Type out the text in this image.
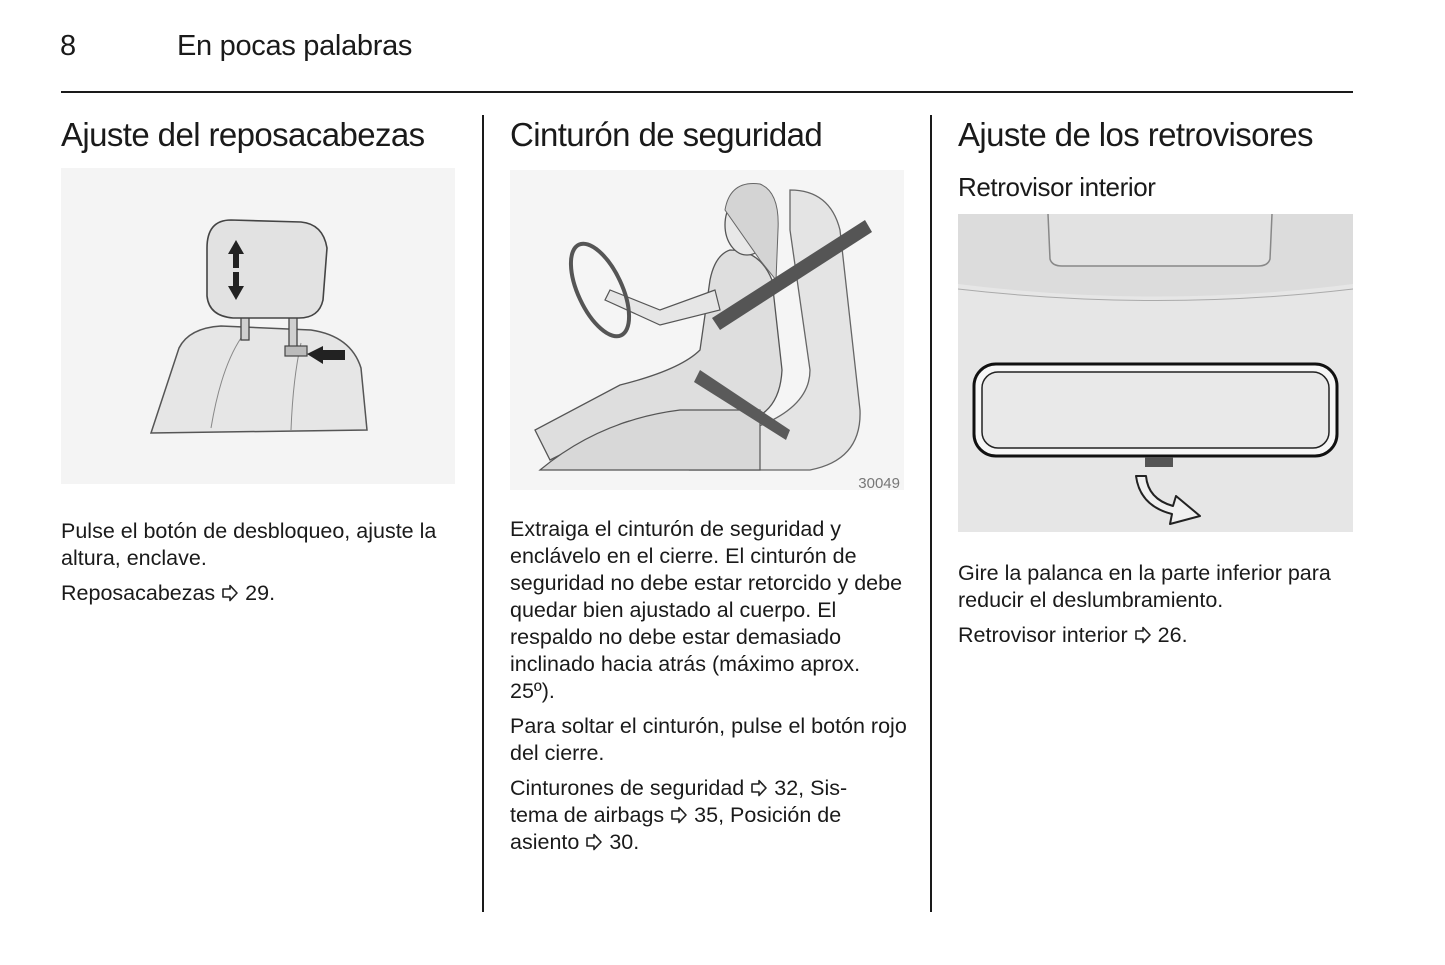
8	En pocas palabras
Ajuste del reposacabezas

Pulse el botón de desbloqueo, ajuste la altura, enclave.

Reposacabezas 29.

Cinturón de seguridad
30049

Extraiga el cinturón de seguridad y enclávelo en el cierre. El cinturón de seguridad no debe estar retorcido y debe quedar bien ajustado al cuerpo. El respaldo no debe estar demasiado inclinado hacia atrás (máximo aprox. 25º).

Para soltar el cinturón, pulse el botón rojo del cierre.

Cinturones de seguridad 32, Sis-
tema de airbags 35, Posición de
asiento 30.

Ajuste de los retrovisores
Retrovisor interior

Gire la palanca en la parte inferior para reducir el deslumbramiento.

Retrovisor interior 26.
